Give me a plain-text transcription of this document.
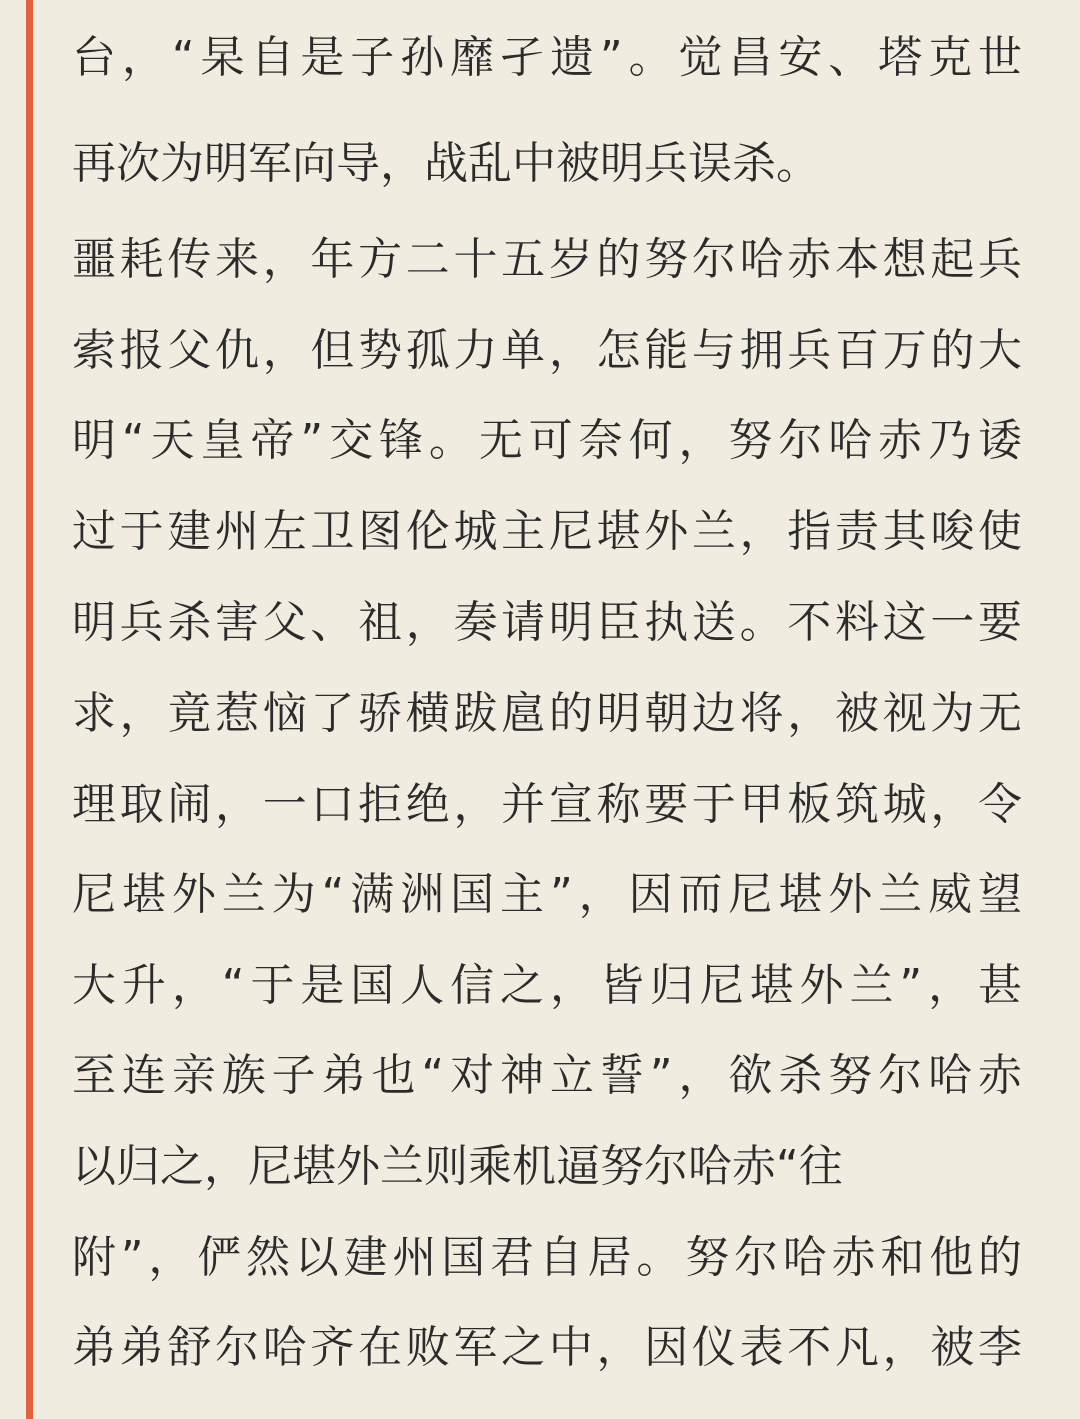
台，“杲自是子孙靡孑遗”。觉昌安、塔克世
再次为明军向导，战乱中被明兵误杀。
噩耗传来，年方二十五岁的努尔哈赤本想起兵
索报父仇，但势孤力单，怎能与拥兵百万的大
明“天皇帝”交锋。无可奈何，努尔哈赤乃诿
过于建州左卫图伦城主尼堪外兰，指责其唆使
明兵杀害父、祖，奏请明臣执送。不料这一要
求，竟惹恼了骄横跋扈的明朝边将，被视为无
理取闹，一口拒绝，并宣称要于甲板筑城，令
尼堪外兰为“满洲国主”，因而尼堪外兰威望
大升，“于是国人信之，皆归尼堪外兰”，甚
至连亲族子弟也“对神立誓”，欲杀努尔哈赤
以归之，尼堪外兰则乘机逼努尔哈赤“往
附”，俨然以建州国君自居。努尔哈赤和他的
弟弟舒尔哈齐在败军之中，因仪表不凡，被李
